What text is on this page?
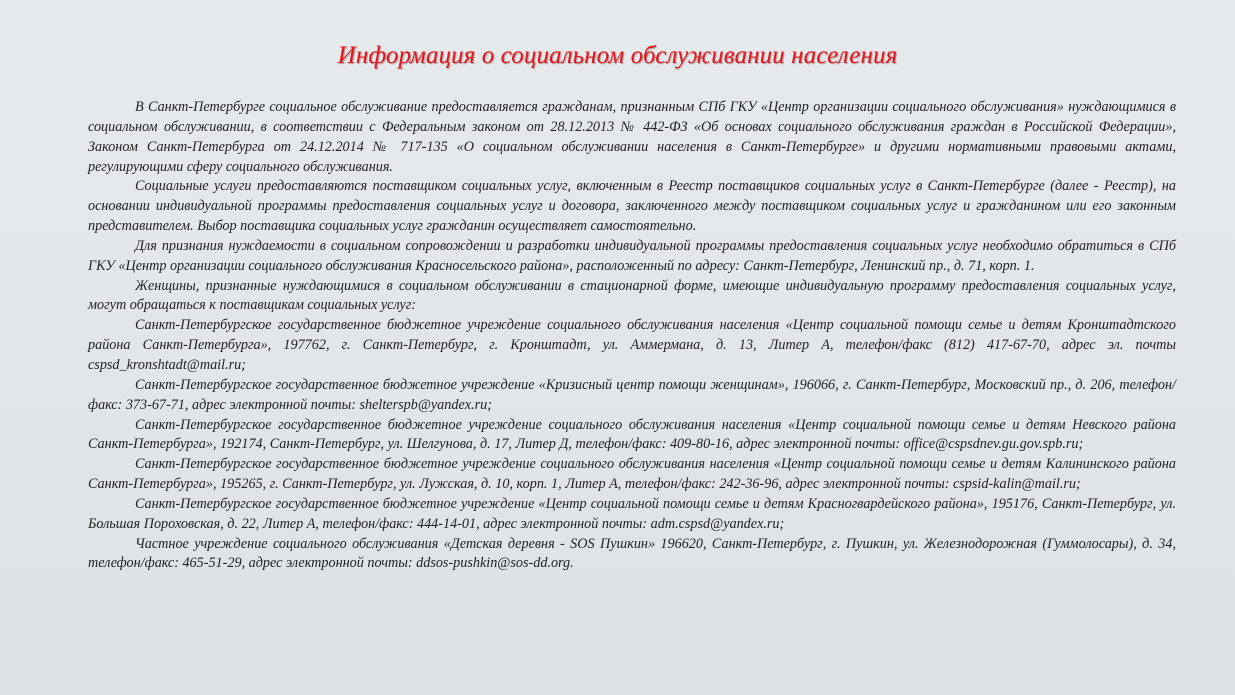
Информация о социальном обслуживании населения

В Санкт-Петербурге социальное обслуживание предоставляется гражданам, признанным СПб ГКУ «Центр организации социального обслуживания» нуждающимися в социальном обслуживании, в соответствии с Федеральным законом от 28.12.2013 № 442-ФЗ «Об основах социального обслуживания граждан в Российской Федерации», Законом Санкт-Петербурга от 24.12.2014 № 717-135 «О социальном обслуживании населения в Санкт-Петербурге» и другими нормативными правовыми актами, регулирующими сферу социального обслуживания.

Социальные услуги предоставляются поставщиком социальных услуг, включенным в Реестр поставщиков социальных услуг в Санкт-Петербурге (далее - Реестр), на основании индивидуальной программы предоставления социальных услуг и договора, заключенного между поставщиком социальных услуг и гражданином или его законным представителем. Выбор поставщика социальных услуг гражданин осуществляет самостоятельно.

Для признания нуждаемости в социальном сопровождении и разработки индивидуальной программы предоставления социальных услуг необходимо обратиться в СПб ГКУ «Центр организации социального обслуживания Красносельского района», расположенный по адресу: Санкт-Петербург, Ленинский пр., д. 71, корп. 1.

Женщины, признанные нуждающимися в социальном обслуживании в стационарной форме, имеющие индивидуальную программу предоставления социальных услуг, могут обращаться к поставщикам социальных услуг:

Санкт-Петербургское государственное бюджетное учреждение социального обслуживания населения «Центр социальной помощи семье и детям Кронштадтского района Санкт-Петербурга», 197762, г. Санкт-Петербург, г. Кронштадт, ул. Аммермана, д. 13, Литер А, телефон/факс (812) 417-67-70, адрес эл. почты cspsd_kronshtadt@mail.ru;

Санкт-Петербургское государственное бюджетное учреждение «Кризисный центр помощи женщинам», 196066, г. Санкт-Петербург, Московский пр., д. 206, телефон/факс: 373-67-71, адрес электронной почты: sheltersрb@yandex.ru;

Санкт-Петербургское государственное бюджетное учреждение социального обслуживания населения «Центр социальной помощи семье и детям Невского района Санкт-Петербурга», 192174, Санкт-Петербург, ул. Шелгунова, д. 17, Литер Д, телефон/факс: 409-80-16, адрес электронной почты: office@cspsdnev.gu.gov.spb.ru;

Санкт-Петербургское государственное бюджетное учреждение социального обслуживания населения «Центр социальной помощи семье и детям Калининского района Санкт-Петербурга», 195265, г. Санкт-Петербург, ул. Лужская, д. 10, корп. 1, Литер А, телефон/факс: 242-36-96, адрес электронной почты: cspsid-kalin@mail.ru;

Санкт-Петербургское государственное бюджетное учреждение «Центр социальной помощи семье и детям Красногвардейского района», 195176, Санкт-Петербург, ул. Большая Пороховская, д. 22, Литер А, телефон/факс: 444-14-01, адрес электронной почты: adm.cspsd@yandex.ru;

Частное учреждение социального обслуживания «Детская деревня - SOS Пушкин» 196620, Санкт-Петербург, г. Пушкин, ул. Железнодорожная (Гуммолосары), д. 34, телефон/факс: 465-51-29, адрес электронной почты: ddsos-pushkin@sos-dd.org.
